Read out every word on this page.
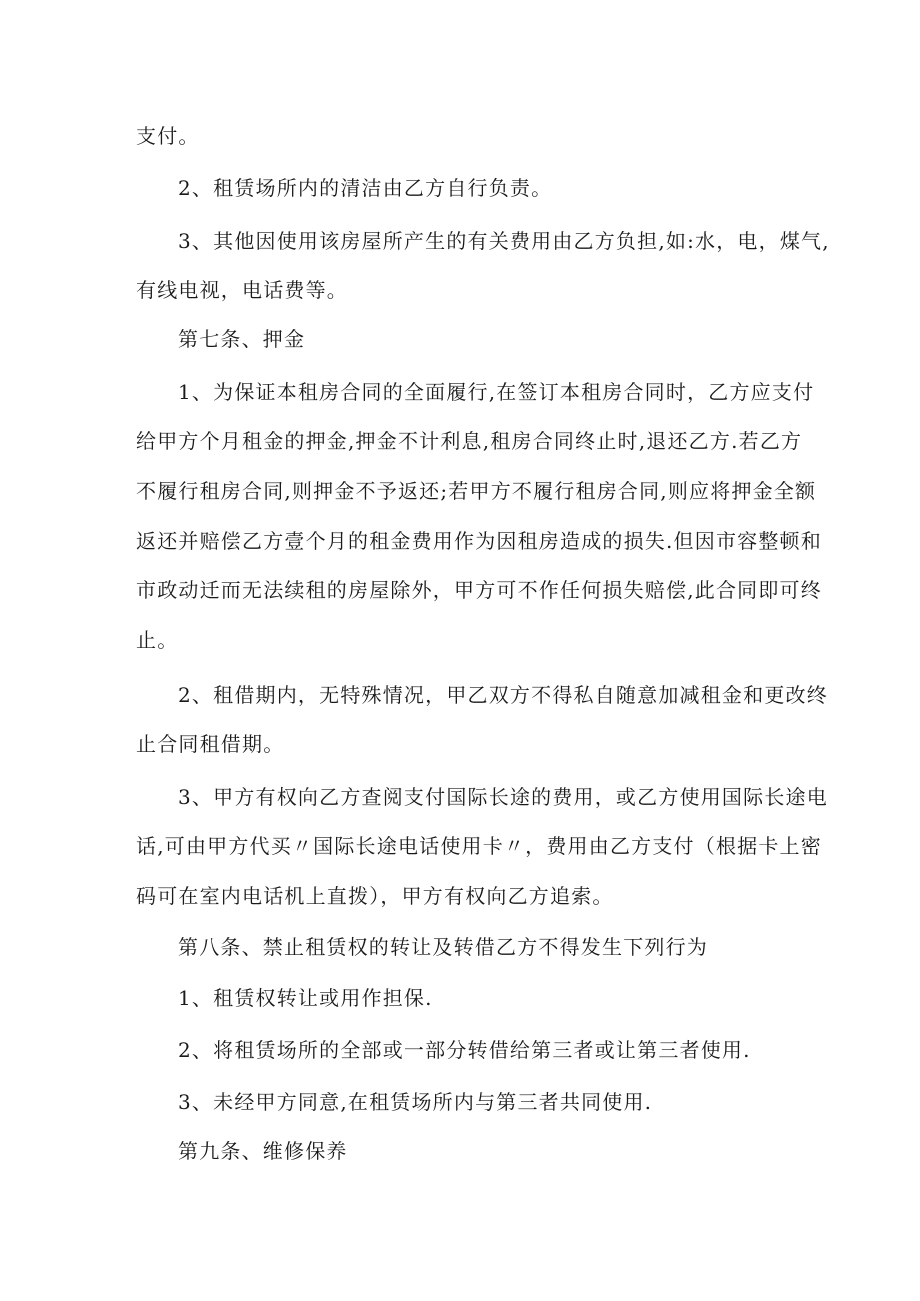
支付。
2、租赁场所内的清洁由乙方自行负责。
3、其他因使用该房屋所产生的有关费用由乙方负担,如:水，电，煤气,
有线电视，电话费等。
第七条、押金
1、为保证本租房合同的全面履行,在签订本租房合同时，乙方应支付
给甲方个月租金的押金,押金不计利息,租房合同终止时,退还乙方.若乙方
不履行租房合同,则押金不予返还;若甲方不履行租房合同,则应将押金全额
返还并赔偿乙方壹个月的租金费用作为因租房造成的损失.但因市容整顿和
市政动迁而无法续租的房屋除外，甲方可不作任何损失赔偿,此合同即可终
止。
2、租借期内，无特殊情况，甲乙双方不得私自随意加减租金和更改终
止合同租借期。
3、甲方有权向乙方查阅支付国际长途的费用，或乙方使用国际长途电
话,可由甲方代买〃国际长途电话使用卡〃，费用由乙方支付（根据卡上密
码可在室内电话机上直拨），甲方有权向乙方追索。
第八条、禁止租赁权的转让及转借乙方不得发生下列行为
1、租赁权转让或用作担保.
2、将租赁场所的全部或一部分转借给第三者或让第三者使用.
3、未经甲方同意,在租赁场所内与第三者共同使用.
第九条、维修保养
